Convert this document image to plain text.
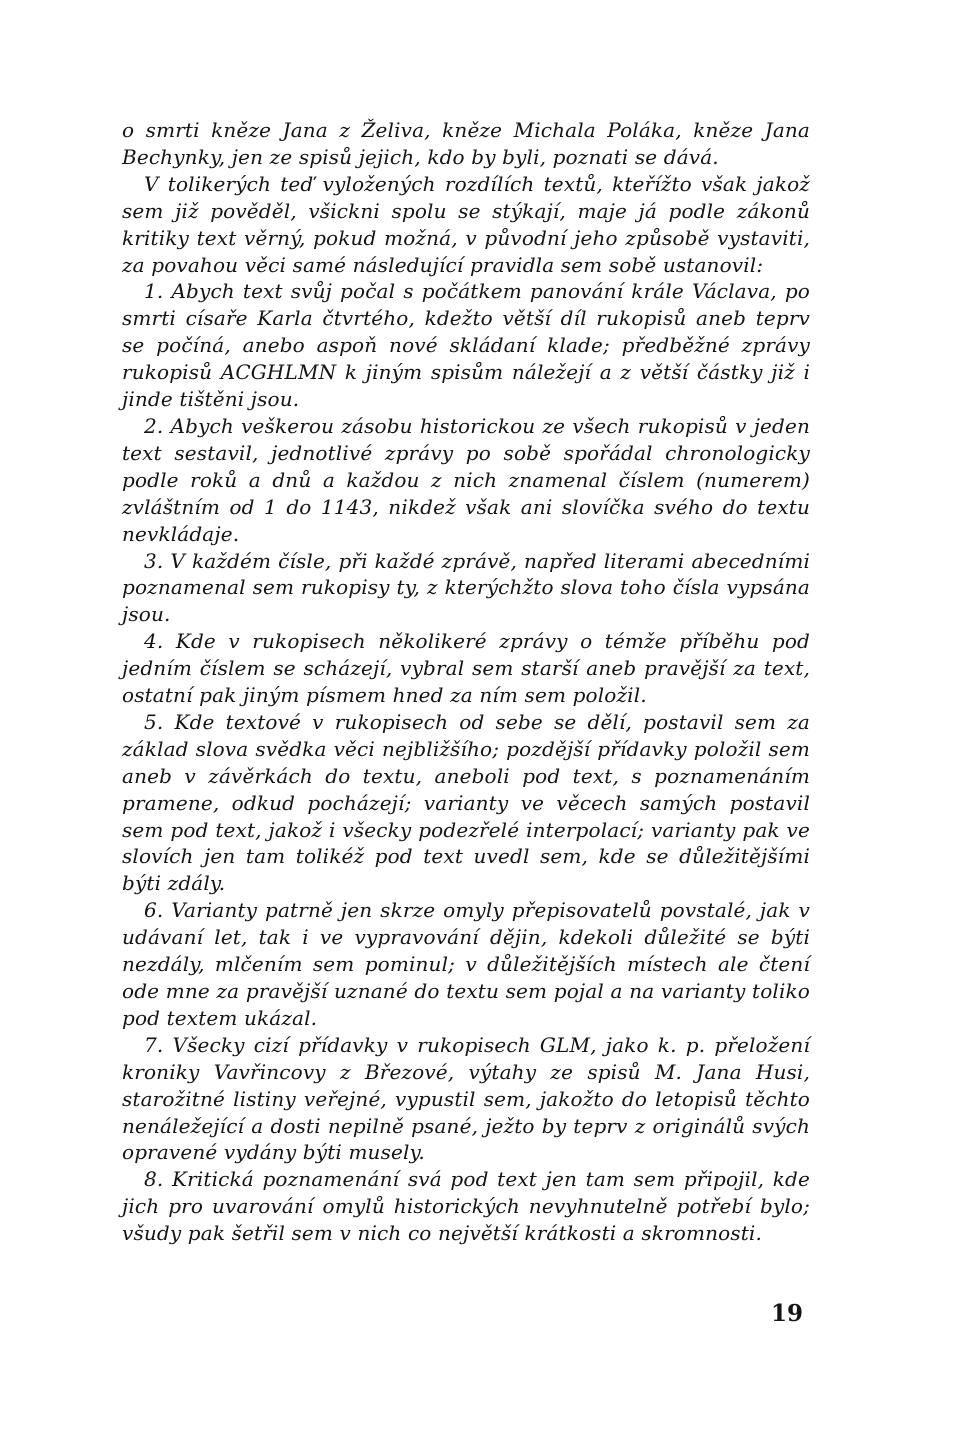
o smrti kněze Jana z Želiva, kněze Michala Poláka, kněze Jana Bechynky, jen ze spisů jejich, kdo by byli, poznati se dává.

V tolikerých teď vyložených rozdílích textů, kteřížto však jakož sem již pověděl, všickni spolu se stýkají, maje já podle zákonů kritiky text věrný, pokud možná, v původní jeho způsobě vystaviti, za povahou věci samé následující pravidla sem sobě ustanovil:

1. Abych text svůj počal s počátkem panování krále Václava, po smrti císaře Karla čtvrtého, kdežto větší díl rukopisů aneb teprv se počíná, anebo aspoň nové skládaní klade; předběžné zprávy rukopisů ACGHLMN k jiným spisům náležejí a z větší částky již i jinde tištěni jsou.

2. Abych veškerou zásobu historickou ze všech rukopisů v jeden text sestavil, jednotlivé zprávy po sobě spořádal chronologicky podle roků a dnů a každou z nich znamenal číslem (numerem) zvláštním od 1 do 1143, nikdež však ani slovíčka svého do textu nevkládaje.

3. V každém čísle, při každé zprávě, napřed literami abecedními poznamenal sem rukopisy ty, z kterýchžto slova toho čísla vypsána jsou.

4. Kde v rukopisech několikeré zprávy o témže příběhu pod jedním číslem se scházejí, vybral sem starší aneb pravější za text, ostatní pak jiným písmem hned za ním sem položil.

5. Kde textové v rukopisech od sebe se dělí, postavil sem za základ slova svědka věci nejbližšího; pozdější přídavky položil sem aneb v závěrkách do textu, aneboli pod text, s poznamenáním pramene, odkud pocházejí; varianty ve věcech samých postavil sem pod text, jakož i všecky podezřelé interpolací; varianty pak ve slovích jen tam tolikéž pod text uvedl sem, kde se důležitějšími býti zdály.

6. Varianty patrně jen skrze omyly přepisovatelů povstalé, jak v udávaní let, tak i ve vypravování dějin, kdekoli důležité se býti nezdály, mlčením sem pominul; v důležitějších místech ale čtení ode mne za pravější uznané do textu sem pojal a na varianty toliko pod textem ukázal.

7. Všecky cizí přídavky v rukopisech GLM, jako k. p. přeložení kroniky Vavřincovy z Březové, výtahy ze spisů M. Jana Husi, starožitné listiny veřejné, vypustil sem, jakožto do letopisů těchto nenáležející a dosti nepilně psané, ježto by teprv z originálů svých opravené vydány býti musely.

8. Kritická poznamenání svá pod text jen tam sem připojil, kde jich pro uvarování omylů historických nevyhnutelně potřebí bylo; všudy pak šetřil sem v nich co největší krátkosti a skromnosti.

19
